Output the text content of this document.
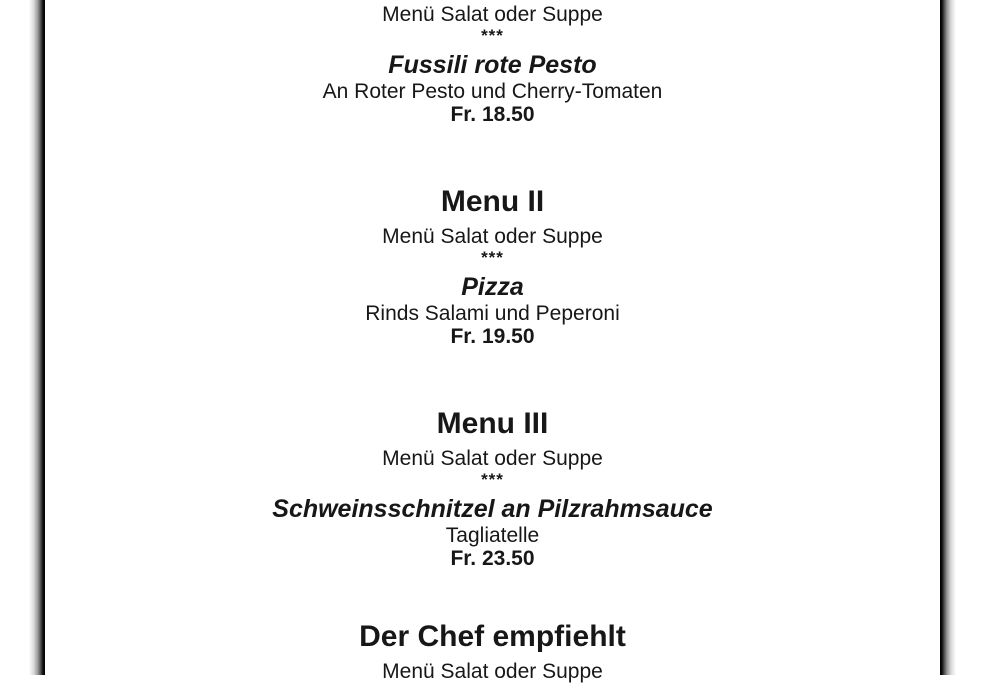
Menü Salat oder Suppe
***
Fussili rote Pesto
An Roter Pesto und Cherry-Tomaten
Fr. 18.50
Menu II
Menü Salat oder Suppe
***
Pizza
Rinds Salami und Peperoni
Fr. 19.50
Menu III
Menü Salat oder Suppe
***
Schweinsschnitzel an Pilzrahmsauce
Tagliatelle
Fr. 23.50
Der Chef empfiehlt
Menü Salat oder Suppe
